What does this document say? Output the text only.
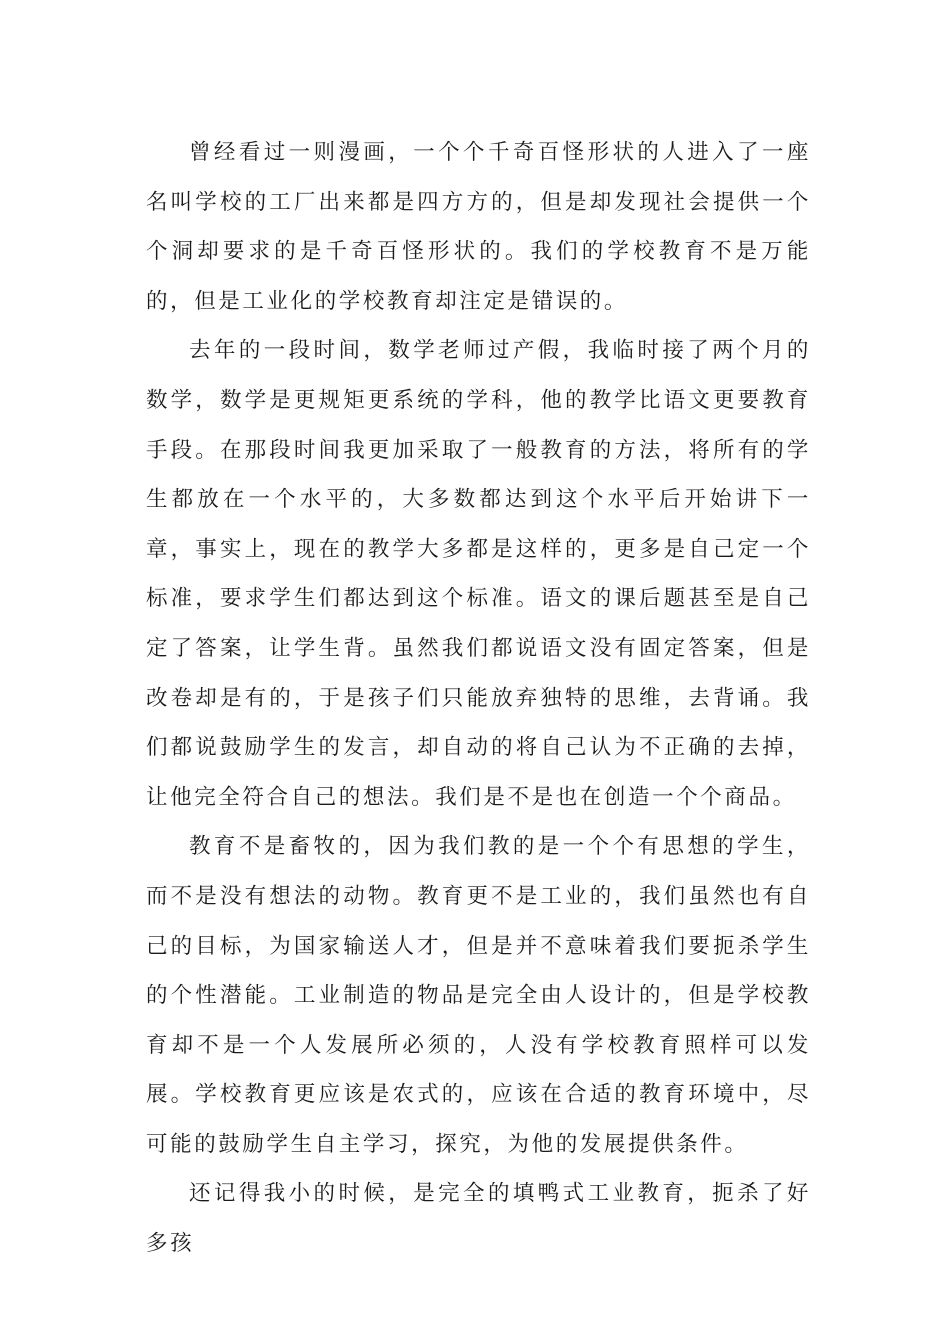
曾经看过一则漫画，一个个千奇百怪形状的人进入了一座名叫学校的工厂出来都是四方方的，但是却发现社会提供一个个洞却要求的是千奇百怪形状的。我们的学校教育不是万能的，但是工业化的学校教育却注定是错误的。

去年的一段时间，数学老师过产假，我临时接了两个月的数学，数学是更规矩更系统的学科，他的教学比语文更要教育手段。在那段时间我更加采取了一般教育的方法，将所有的学生都放在一个水平的，大多数都达到这个水平后开始讲下一章，事实上，现在的教学大多都是这样的，更多是自己定一个标准，要求学生们都达到这个标准。语文的课后题甚至是自己定了答案，让学生背。虽然我们都说语文没有固定答案，但是改卷却是有的，于是孩子们只能放弃独特的思维，去背诵。我们都说鼓励学生的发言，却自动的将自己认为不正确的去掉，让他完全符合自己的想法。我们是不是也在创造一个个商品。

教育不是畜牧的，因为我们教的是一个个有思想的学生，而不是没有想法的动物。教育更不是工业的，我们虽然也有自己的目标，为国家输送人才，但是并不意味着我们要扼杀学生的个性潜能。工业制造的物品是完全由人设计的，但是学校教育却不是一个人发展所必须的，人没有学校教育照样可以发展。学校教育更应该是农式的，应该在合适的教育环境中，尽可能的鼓励学生自主学习，探究，为他的发展提供条件。

还记得我小的时候，是完全的填鸭式工业教育，扼杀了好多孩
